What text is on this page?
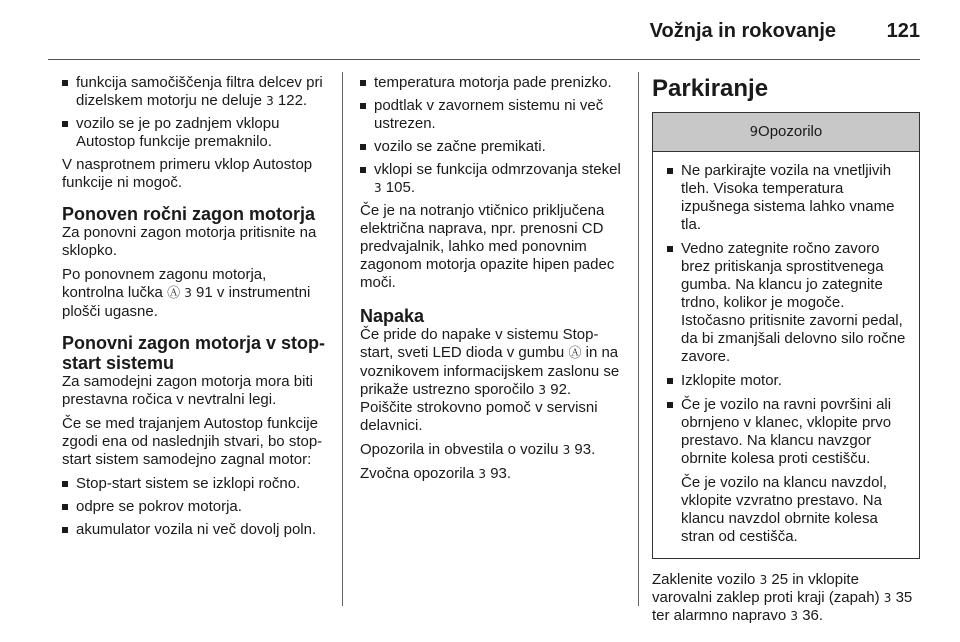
Vožnja in rokovanje	121
funkcija samočiščenja filtra delcev pri dizelskem motorju ne deluje 3 122.
vozilo se je po zadnjem vklopu Autostop funkcije premaknilo.

V nasprotnem primeru vklop Autostop funkcije ni mogoč.

Ponoven ročni zagon motorja

Za ponovni zagon motorja pritisnite na sklopko.

Po ponovnem zagonu motorja, kontrolna lučka Ⓐ 3 91 v instrumentni plošči ugasne.

Ponovni zagon motorja v stop-start sistemu

Za samodejni zagon motorja mora biti prestavna ročica v nevtralni legi.

Če se med trajanjem Autostop funkcije zgodi ena od naslednjih stvari, bo stop-start sistem samodejno zagnal motor:

Stop-start sistem se izklopi ročno.
odpre se pokrov motorja.
akumulator vozila ni več dovolj poln.
temperatura motorja pade prenizko.
podtlak v zavornem sistemu ni več ustrezen.
vozilo se začne premikati.
vklopi se funkcija odmrzovanja stekel 3 105.

Če je na notranjo vtičnico priključena električna naprava, npr. prenosni CD predvajalnik, lahko med ponovnim zagonom motorja opazite hipen padec moči.

Napaka

Če pride do napake v sistemu Stop-start, sveti LED dioda v gumbu Ⓐ in na voznikovem informacijskem zaslonu se prikaže ustrezno sporočilo 3 92. Poiščite strokovno pomoč v servisni delavnici.

Opozorila in obvestila o vozilu 3 93.

Zvočna opozorila 3 93.

Parkiranje
9Opozorilo
Ne parkirajte vozila na vnetljivih tleh. Visoka temperatura izpušnega sistema lahko vname tla.
Vedno zategnite ročno zavoro brez pritiskanja sprostitvenega gumba. Na klancu jo zategnite trdno, kolikor je mogoče. Istočasno pritisnite zavorni pedal, da bi zmanjšali delovno silo ročne zavore.
Izklopite motor.
Če je vozilo na ravni površini ali obrnjeno v klanec, vklopite prvo prestavo. Na klancu navzgor obrnite kolesa proti cestišču.
Če je vozilo na klancu navzdol, vklopite vzvratno prestavo. Na klancu navzdol obrnite kolesa stran od cestišča.

Zaklenite vozilo 3 25 in vklopite varovalni zaklep proti kraji (zapah) 3 35 ter alarmno napravo 3 36.
